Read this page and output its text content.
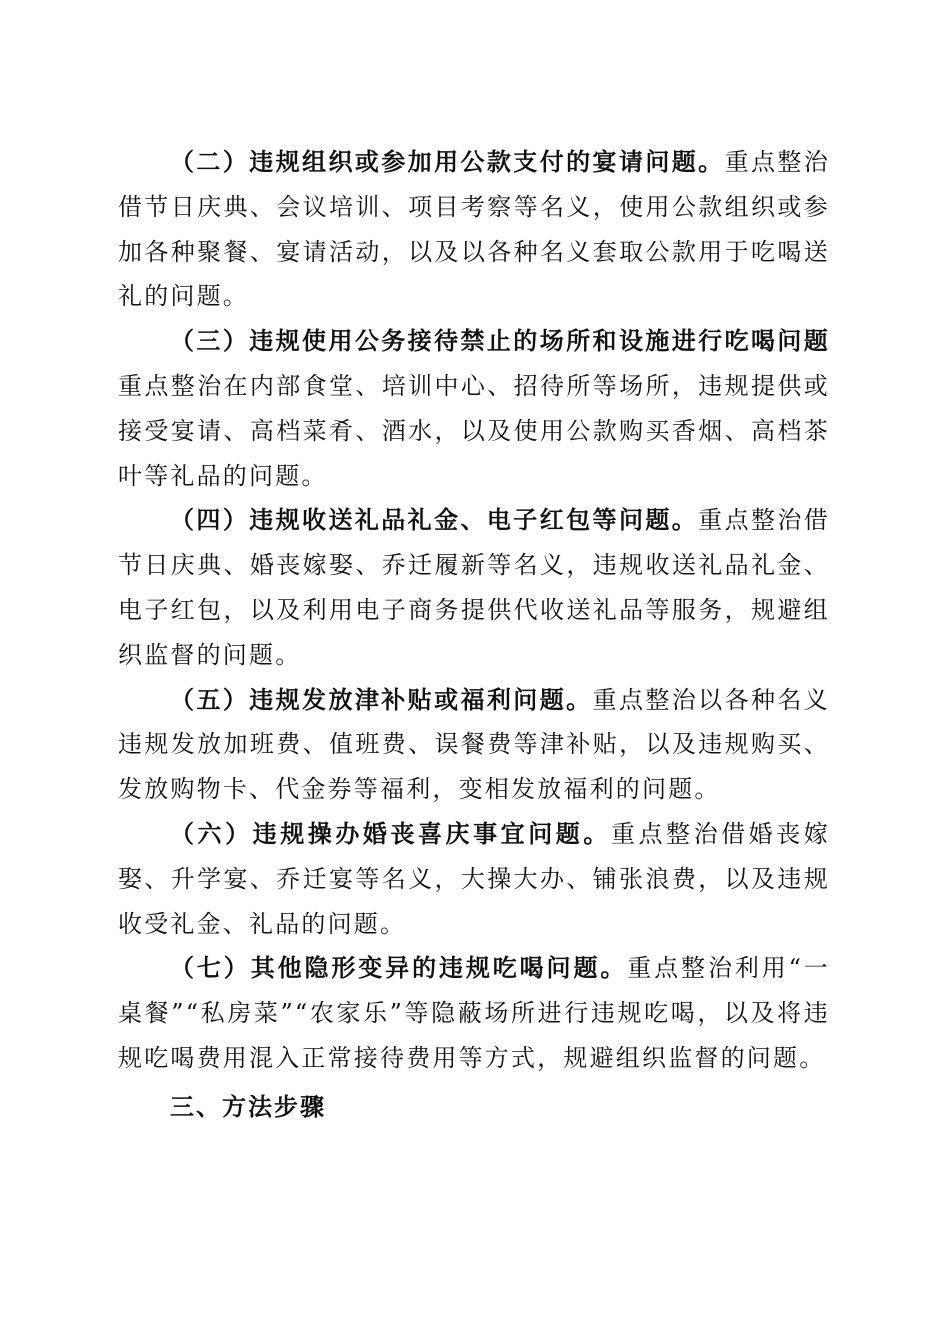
（二）违规组织或参加用公款支付的宴请问题。重点整治借节日庆典、会议培训、项目考察等名义，使用公款组织或参加各种聚餐、宴请活动，以及以各种名义套取公款用于吃喝送礼的问题。

（三）违规使用公务接待禁止的场所和设施进行吃喝问题重点整治在内部食堂、培训中心、招待所等场所，违规提供或接受宴请、高档菜肴、酒水，以及使用公款购买香烟、高档茶叶等礼品的问题。

（四）违规收送礼品礼金、电子红包等问题。重点整治借节日庆典、婚丧嫁娶、乔迁履新等名义，违规收送礼品礼金、电子红包，以及利用电子商务提供代收送礼品等服务，规避组织监督的问题。

（五）违规发放津补贴或福利问题。重点整治以各种名义违规发放加班费、值班费、误餐费等津补贴，以及违规购买、发放购物卡、代金券等福利，变相发放福利的问题。

（六）违规操办婚丧喜庆事宜问题。重点整治借婚丧嫁娶、升学宴、乔迁宴等名义，大操大办、铺张浪费，以及违规收受礼金、礼品的问题。

（七）其他隐形变异的违规吃喝问题。重点整治利用“一桌餐”“私房菜”“农家乐”等隐蔽场所进行违规吃喝，以及将违规吃喝费用混入正常接待费用等方式，规避组织监督的问题。

三、方法步骤
